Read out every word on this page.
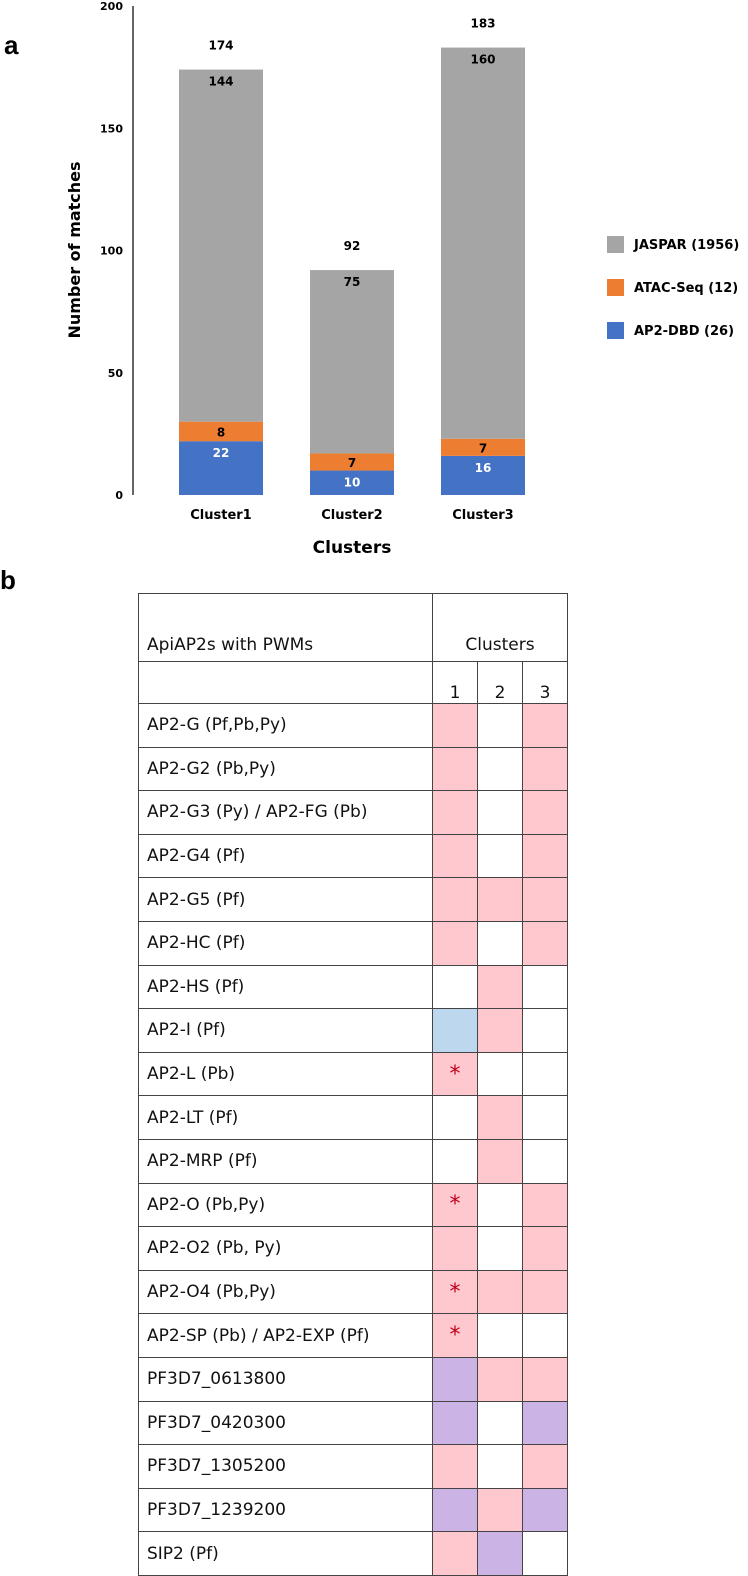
a
b
0
50
100
150
200
Number of matches
Clusters
22
8
144
174
Cluster1
10
7
75
92
Cluster2
16
7
160
183
Cluster3
JASPAR (1956)
ATAC-Seq (12)
AP2-DBD (26)
ApiAP2s with PWMs	Clusters		
	1	2	3
AP2-G (Pf,Pb,Py)			
AP2-G2 (Pb,Py)			
AP2-G3 (Py) / AP2-FG (Pb)			
AP2-G4 (Pf)			
AP2-G5 (Pf)			
AP2-HC (Pf)			
AP2-HS (Pf)			
AP2-I (Pf)			
AP2-L (Pb)	*		
AP2-LT (Pf)			
AP2-MRP (Pf)			
AP2-O (Pb,Py)	*		
AP2-O2 (Pb, Py)			
AP2-O4 (Pb,Py)	*		
AP2-SP (Pb) / AP2-EXP (Pf)	*		
PF3D7_0613800			
PF3D7_0420300			
PF3D7_1305200			
PF3D7_1239200			
SIP2 (Pf)			
